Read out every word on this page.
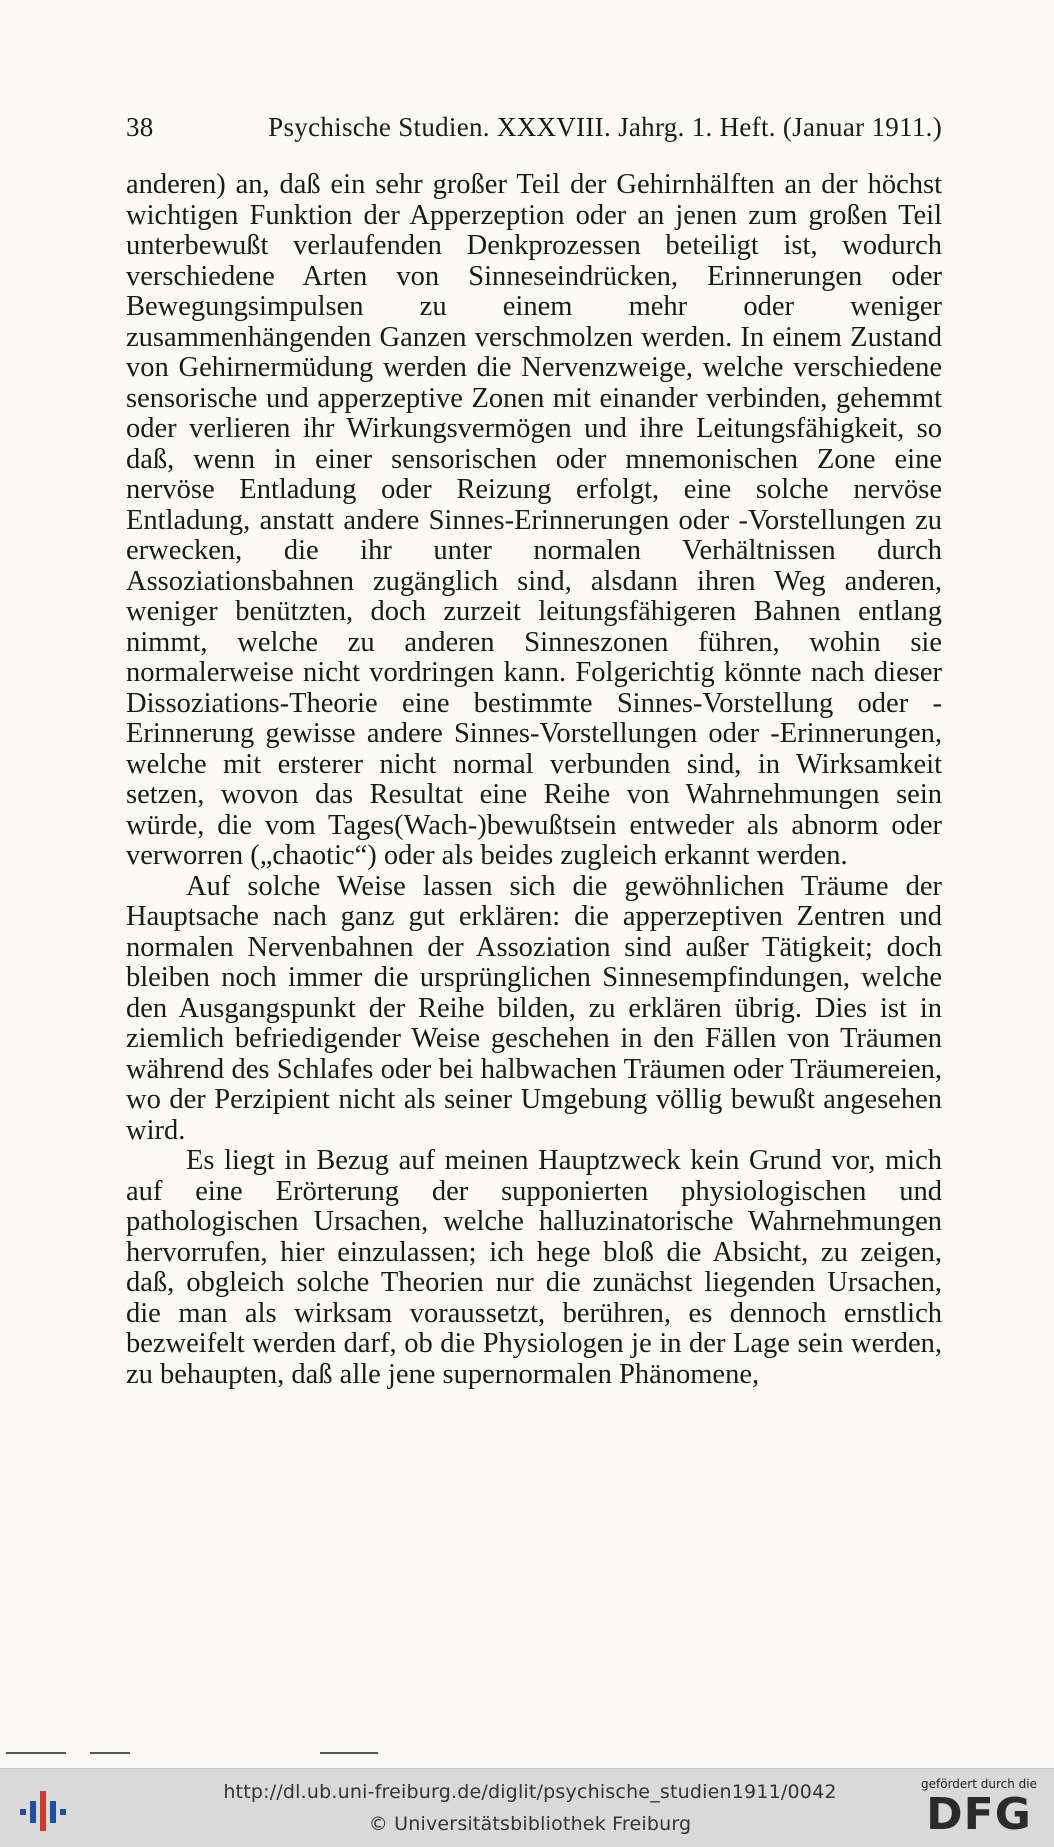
38	Psychische Studien. XXXVIII. Jahrg. 1. Heft. (Januar 1911.)

anderen) an, daß ein sehr großer Teil der Gehirnhälften an der höchst wichtigen Funktion der Apperzeption oder an jenen zum großen Teil unterbewußt verlaufenden Denkprozessen beteiligt ist, wodurch verschiedene Arten von Sinneseindrücken, Erinnerungen oder Bewegungsimpulsen zu einem mehr oder weniger zusammenhängenden Ganzen verschmolzen werden. In einem Zustand von Gehirnermüdung werden die Nervenzweige, welche verschiedene sensorische und apperzeptive Zonen mit einander verbinden, gehemmt oder verlieren ihr Wirkungsvermögen und ihre Leitungsfähigkeit, so daß, wenn in einer sensorischen oder mnemonischen Zone eine nervöse Entladung oder Reizung erfolgt, eine solche nervöse Entladung, anstatt andere Sinnes-Erinnerungen oder -Vorstellungen zu erwecken, die ihr unter normalen Verhältnissen durch Assoziationsbahnen zugänglich sind, alsdann ihren Weg anderen, weniger benützten, doch zurzeit leitungsfähigeren Bahnen entlang nimmt, welche zu anderen Sinneszonen führen, wohin sie normalerweise nicht vordringen kann. Folgerichtig könnte nach dieser Dissoziations-Theorie eine bestimmte Sinnes-Vorstellung oder -Erinnerung gewisse andere Sinnes-Vorstellungen oder -Erinnerungen, welche mit ersterer nicht normal verbunden sind, in Wirksamkeit setzen, wovon das Resultat eine Reihe von Wahrnehmungen sein würde, die vom Tages(Wach-)bewußtsein entweder als abnorm oder verworren („chaotic“) oder als beides zugleich erkannt werden.

Auf solche Weise lassen sich die gewöhnlichen Träume der Hauptsache nach ganz gut erklären: die apperzeptiven Zentren und normalen Nervenbahnen der Assoziation sind außer Tätigkeit; doch bleiben noch immer die ursprünglichen Sinnesempfindungen, welche den Ausgangspunkt der Reihe bilden, zu erklären übrig. Dies ist in ziemlich befriedigender Weise geschehen in den Fällen von Träumen während des Schlafes oder bei halbwachen Träumen oder Träumereien, wo der Perzipient nicht als seiner Umgebung völlig bewußt angesehen wird.

Es liegt in Bezug auf meinen Hauptzweck kein Grund vor, mich auf eine Erörterung der supponierten physiologischen und pathologischen Ursachen, welche halluzinatorische Wahrnehmungen hervorrufen, hier einzulassen; ich hege bloß die Absicht, zu zeigen, daß, obgleich solche Theorien nur die zunächst liegenden Ursachen, die man als wirksam voraussetzt, berühren, es dennoch ernstlich bezweifelt werden darf, ob die Physiologen je in der Lage sein werden, zu behaupten, daß alle jene supernormalen Phänomene,

http://dl.ub.uni-freiburg.de/diglit/psychische_studien1911/0042
© Universitätsbibliothek Freiburg
gefördert durch die
DFG
